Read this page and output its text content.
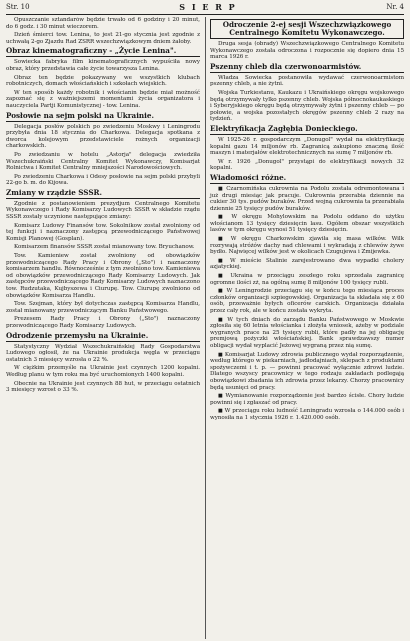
Str. 10	S I E R P	Nr. 4

Opuszczanie sztandarów będzie trwało od 6 godziny i 20 minut, do 6 godz. i 30 minut wieczorem.

Dzień śmierci tow. Lenina, to jest 21-go stycznia jest zgodnie z uchwałą 2-go Zjazdu Rad ZSRR wszechzwiązkowym dniem żałoby.

Obraz kinematograficzny - „Życie Lenina".

Sowiecka fabryka film kinematograficznych wypuściła nowy obraz, który przedstawia całe życie towarzysza Lenina.

Obraz ten będzie pokazywany we wszystkich klubach robotniczych, domach włościańskich i szkołach wiejskich.

W ten sposób każdy robotnik i włościanin będzie miał możność zapoznać się z ważniejszemi momentami życia organizatora i nauczyciela Partji Komunistycznej - tow. Lenina.

Posłowie na sejm polski na Ukrainie.

Delegacja posłów polskich po zwiedzeniu Moskwy i Leningrodu przybyła dnia 18 stycznia do Charkowa. Delegacja spotkana z dworca kolejowym przedstawiciele rożnych organizacji charkowskich.

Po zwiedzaniu w hotelu „Astorja" delegacja zwiedziła Wszechukraiński Centralny Komitet Wykonawczy, Komisarjat Rolnictwa i Komitet Centralny mniejszości Narodowościowych.

Po zwiedzeniu Charkowa i Odesy posłowie na sejm polski przybyli 22-go b. m. do Kijowa.

Zmiany w rządzie SSSR.

Zgodnie z postanowieniem prezydjum Centralnego Komitetu Wykonawczego i Rady Komisarzy Ludowych SSSR w składzie rządu SSSR zostały uczynione następujące zmiany:

Komisarz Ludowy Finansów tow. Sokolnikow został zwolniony od tej funkcji i naznaczony zastępcą przewodniczącego Państwowej Komisji Planowej (Gosplan).

Komisarzem finansów SSSR został mianowany tow. Bryuchanow.

Tow. Kamieniew został zwolniony od obowiązków przewodniczącego Rady Pracy i Obrony („Sto") i naznaczony komisarzem handlu. Równocześnie z tym zwolniono tow. Kamieniewa od obowiązków przewodniczącego Rady Komisarzy Ludowych. Jak zastępców przewodniczącego Rady Komisarzy Ludowych naznaczono tow. Rudzutaka, Kujbyszewa i Ciurupę. Tow. Ciurupę zwolniono od obowiązków Komisarza Handlu.

Tow. Szejman, który był dotychczas zastępcą Komisarza Handlu, został mianowany przewodniczącym Banku Państwowego.

Prezesem Rady Pracy i Obrony („Sto") naznaczony przewodniczącego Rady Komisarzy Ludowych.

Odrodzenie przemysłu na Ukrainie.

Statystyczny Wydział Wszechukraińskiej Rady Gospodarstwa Ludowego ogłosił, że na Ukrainie produkcja węgla w przeciągu ostatnich 3 miesięcy wzrosła o 22 %.

W ciężkim przemyśle na Ukrainie jest czynnych 1200 kopalni. Według planu w tym roku ma być uruchomionych 1400 kopalni.

Obecnie na Ukrainie jest czynnych 88 hut, w przeciągu ostatnich 3 miesięcy wzrost o 33 %.

Odroczenie 2-ej sesji Wszechzwiązkowego Centralnego Komitetu Wykonawczego.

Druga sesja (obrady) Wszechzwiązkowego Centralnego Komitetu Wykonawczego została odroczona i rozpocznie się dopiero dnia 15 marca 1926 r.

Pszenny chleb dla czerwonoarmistów.

Władza Sowiecka postanowiła wydawać czerwonoarmistom pszenny chleb, a nie żytni.

Wojska Turkiestanu, Kaukazu i Ukraińskiego okręgu wojskowego będą otrzymywały tylko pszenny chleb. Wojska północnokaukaskiego i Syberyjskiego okręgu będą otrzymywały żytni i pszenny chleb — po połowie, a wojska pozostałych okręgów pszenny chleb 2 razy na tydzień.

Elektryfikacja Zagłębia Donieckiego.

W 1925-26 r. gospodarczym „Donugol" wydał na elektryfikację kopalni gazu 14 miljonów rb. Zagranicą zakupiono znaczną ilość maszyn i materjałów elektrotechnicznych na sumę 7 miljonów rb.

W r. 1926 „Donugol" przystąpi do elektryfikacji nowych 32 kopalni.

Wiadomości różne.

■ Czarnomińska cukrownia na Podolu została odremontowana i już drugi miesiąc jak pracuje. Cukrownia przerabia dziennie na cukier 30 tys. pudów buraków. Przed wojną cukrownia ta przerabiała dziennie 25 tysięcy pudów buraków.

■ W okręgu Mohylowskim na Podolu oddano do użytku włościanom 13 tysięcy dziesięcin lasu. Ogółem obszar wszystkich lasów w tym okręgu wynosi 51 tysięcy dziesięcin.

■ W okręgu Charkowskim zjawiła się masa wilków. Wilk rozrywają stróżów dachy nad chlewami i wykradają z chlewów żywe bydło. Najwięcej wilków jest w okolicach Czugujewa i Zmijewka.

■ W mieście Stalinie zarejestrowano dwa wypadki cholery azjatyckiej.

■ Ukraina w przeciągu zeszłego roku sprzedała zagranicę ogromne ilości zż, na ogólną sumę 8 miljonów 100 tysięcy rubli.

■ W Leningrodzie przeciągu się w końcu tego miesiąca proces członków organizacji szpiegowskiej. Organizacja ta składała się z 60 osób, przeważnie byłych oficerów carskich. Organizacja działała przez cały rok, ale w końcu została wykryta.

■ W tych dniach do zarządu Banku Państwowego w Moskwie zgłosiła się 60 letnia włościanka i złożyła wniosek, ażeby w podziale wygranych prace na 25 tysięcy rubli, które padły na jej obligację premjową pożyczki włościańskiej. Bank sprawdzawszy numer obligacji wydał wyplacić Jeżowej wygraną przez nią sumę.

■ Komisarjat Ludowy zdrowia publicznego wydał rozporządzenie, według którego w piekarniach, jadłodajniach, sklepach z produktami spożywczemi i t. p. — powinni pracować wyłącznie zdrowi ludzie. Dlatego wszyscy pracownicy w tego rodzaju zakładach podlegają obowiązkowi zbadania ich zdrowia przez lekarzy. Chorzy pracownicy będą usunięci od pracy.

■ Wymianowanie rozporządzenie jest bardzo ścisłe. Chory ludzie powinni się i zgłaszać od pracy.

■ W przeciągu roku ludność Leningradu wzrosła o 144.000 osób i wynosiła na 1 stycznia 1926 r. 1.420.000 osób.
